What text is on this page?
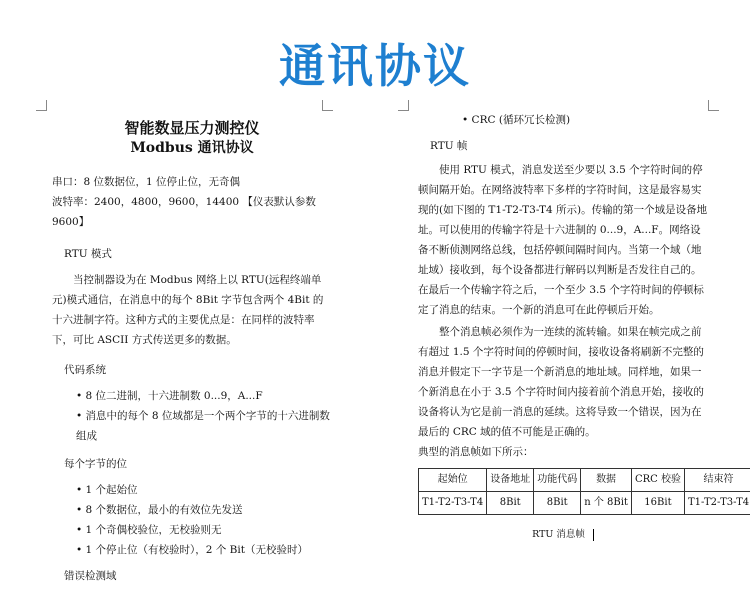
通讯协议
智能数显压力测控仪
Modbus 通讯协议

串口：8 位数据位，1 位停止位，无奇偶

波特率：2400，4800，9600，14400 【仪表默认参数 9600】

RTU 模式

当控制器设为在 Modbus 网络上以 RTU(远程终端单元)模式通信，在消息中的每个 8Bit 字节包含两个 4Bit 的十六进制字符。这种方式的主要优点是：在同样的波特率下，可比 ASCII 方式传送更多的数据。

代码系统

• 8 位二进制，十六进制数 0...9，A...F

• 消息中的每个 8 位域都是一个两个字节的十六进制数组成

每个字节的位

• 1 个起始位

• 8 个数据位，最小的有效位先发送

• 1 个奇偶校验位，无校验则无

• 1 个停止位（有校验时），2 个 Bit（无校验时）

错误检测域

• CRC (循环冗长检测)

RTU 帧

使用 RTU 模式，消息发送至少要以 3.5 个字符时间的停顿间隔开始。在网络波特率下多样的字符时间，这是最容易实现的(如下图的 T1-T2-T3-T4 所示)。传输的第一个域是设备地址。可以使用的传输字符是十六进制的 0...9，A...F。网络设备不断侦测网络总线，包括停顿间隔时间内。当第一个域（地址域）接收到，每个设备都进行解码以判断是否发往自己的。在最后一个传输字符之后，一个至少 3.5 个字符时间的停顿标定了消息的结束。一个新的消息可在此停顿后开始。

整个消息帧必须作为一连续的流转输。如果在帧完成之前有超过 1.5 个字符时间的停顿时间，接收设备将刷新不完整的消息并假定下一字节是一个新消息的地址域。同样地，如果一个新消息在小于 3.5 个字符时间内接着前个消息开始，接收的设备将认为它是前一消息的延续。这将导致一个错误，因为在最后的 CRC 域的值不可能是正确的。

典型的消息帧如下所示：

起始位	设备地址	功能代码	数据	CRC 校验	结束符
T1-T2-T3-T4	8Bit	8Bit	n 个 8Bit	16Bit	T1-T2-T3-T4
RTU 消息帧
